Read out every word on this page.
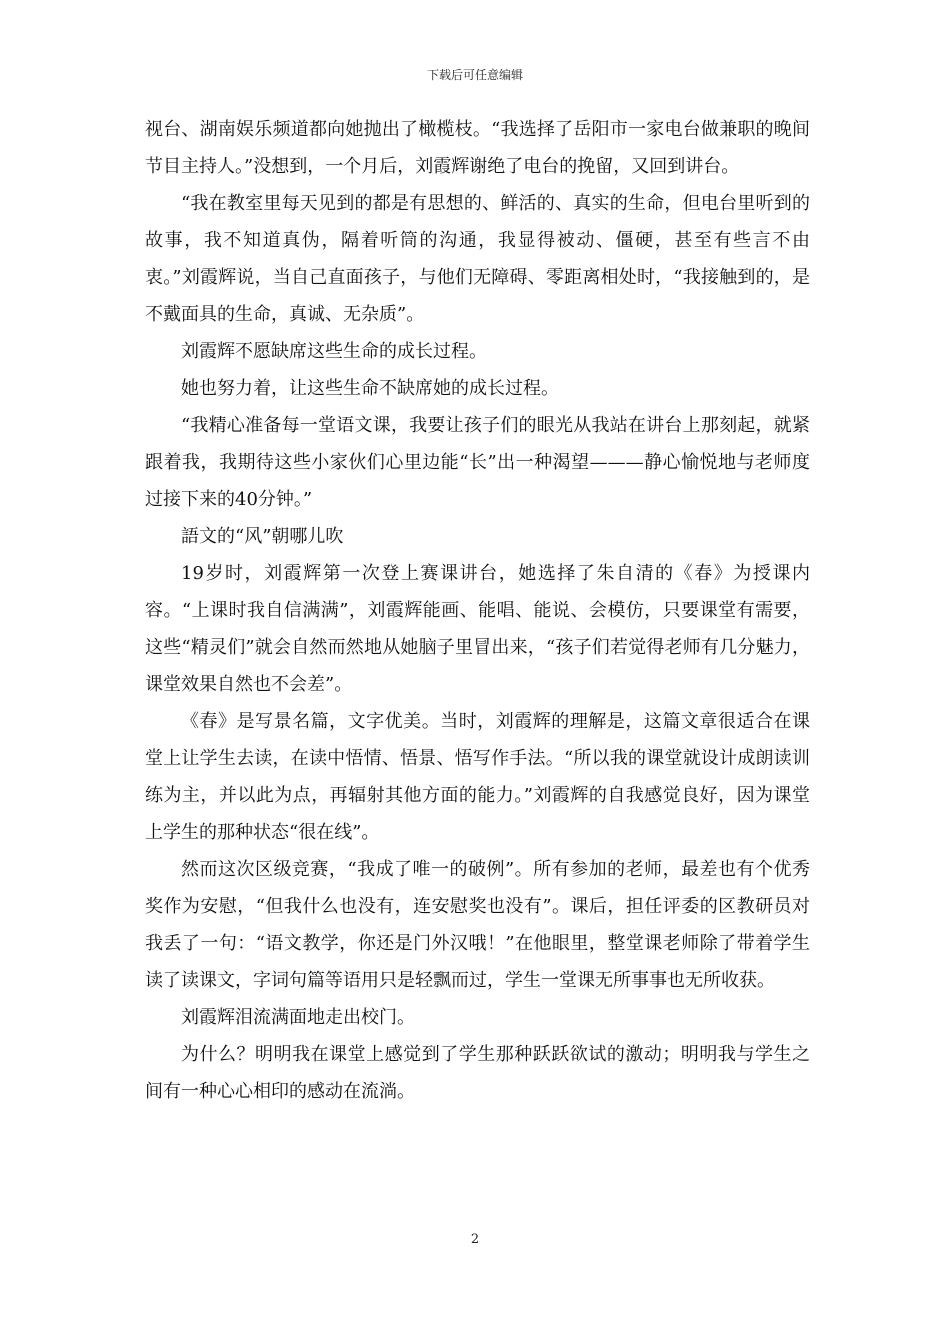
下载后可任意编辑

视台、湖南娱乐频道都向她抛出了橄榄枝。“我选择了岳阳市一家电台做兼职的晚间节目主持人。”没想到，一个月后，刘霞辉谢绝了电台的挽留，又回到讲台。

“我在教室里每天见到的都是有思想的、鲜活的、真实的生命，但电台里听到的故事，我不知道真伪，隔着听筒的沟通，我显得被动、僵硬，甚至有些言不由衷。”刘霞辉说，当自己直面孩子，与他们无障碍、零距离相处时，“我接触到的，是不戴面具的生命，真诚、无杂质”。

刘霞辉不愿缺席这些生命的成长过程。

她也努力着，让这些生命不缺席她的成长过程。

“我精心准备每一堂语文课，我要让孩子们的眼光从我站在讲台上那刻起，就紧跟着我，我期待这些小家伙们心里边能“长”出一种渴望———静心愉悦地与老师度过接下来的40分钟。”

語文的“风”朝哪儿吹

19岁时，刘霞辉第一次登上赛课讲台，她选择了朱自清的《春》为授课内容。“上课时我自信满满”，刘霞辉能画、能唱、能说、会模仿，只要课堂有需要，这些“精灵们”就会自然而然地从她脑子里冒出来，“孩子们若觉得老师有几分魅力，课堂效果自然也不会差”。

《春》是写景名篇，文字优美。当时，刘霞辉的理解是，这篇文章很适合在课堂上让学生去读，在读中悟情、悟景、悟写作手法。“所以我的课堂就设计成朗读训练为主，并以此为点，再辐射其他方面的能力。”刘霞辉的自我感觉良好，因为课堂上学生的那种状态“很在线”。

然而这次区级竞赛，“我成了唯一的破例”。所有参加的老师，最差也有个优秀奖作为安慰，“但我什么也没有，连安慰奖也没有”。课后，担任评委的区教研员对我丢了一句：“语文教学，你还是门外汉哦！”在他眼里，整堂课老师除了带着学生读了读课文，字词句篇等语用只是轻飘而过，学生一堂课无所事事也无所收获。

刘霞辉泪流满面地走出校门。

为什么？明明我在课堂上感觉到了学生那种跃跃欲试的激动；明明我与学生之间有一种心心相印的感动在流淌。

2
